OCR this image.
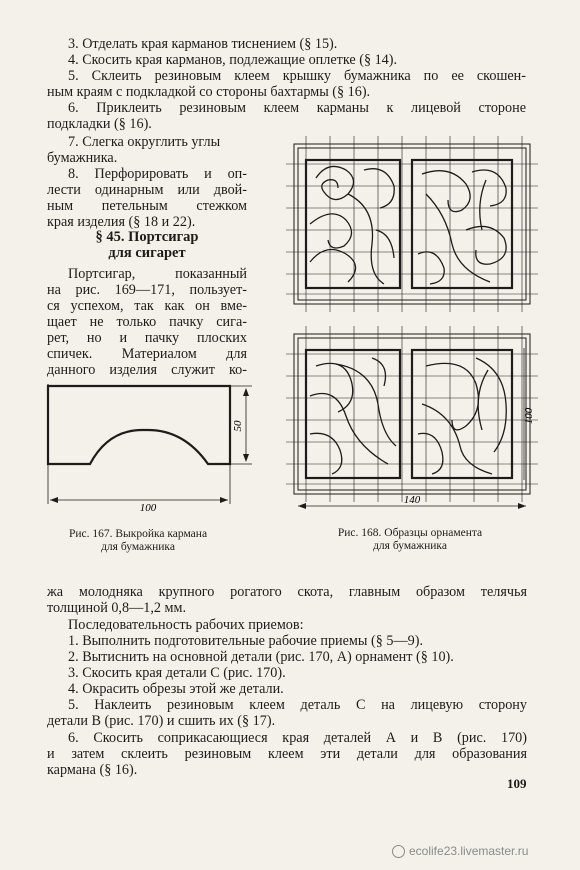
3. Отделать края карманов тиснением (§ 15).
4. Скосить края карманов, подлежащие оплетке (§ 14).
5. Склеить резиновым клеем крышку бумажника по ее скошен-
ным краям с подкладкой со стороны бахтармы (§ 16).
6. Приклеить резиновым клеем карманы к лицевой стороне
подкладки (§ 16).
7. Слегка округлить углы
бумажника.
8. Перфорировать и оп-
лести одинарным или двой-
ным петельным стежком
края изделия (§ 18 и 22).
§ 45. Портсигар
для сигарет
Портсигар, показанный
на рис. 169—171, пользует-
ся успехом, так как он вме-
щает не только пачку сига-
рет, но и пачку плоских
спичек. Материалом для
данного изделия служит ко-
100
50
Рис. 167. Выкройка кармана
для бумажника
100
140
Рис. 168. Образцы орнамента
для бумажника
жа молодняка крупного рогатого скота, главным образом телячья
толщиной 0,8—1,2 мм.
Последовательность рабочих приемов:
1. Выполнить подготовительные рабочие приемы (§ 5—9).
2. Вытиснить на основной детали (рис. 170, А) орнамент (§ 10).
3. Скосить края детали С (рис. 170).
4. Окрасить обрезы этой же детали.
5. Наклеить резиновым клеем деталь С на лицевую сторону
детали В (рис. 170) и сшить их (§ 17).
6. Скосить соприкасающиеся края деталей А и В (рис. 170)
и затем склеить резиновым клеем эти детали для образования
кармана (§ 16).
109
ecolife23.livemaster.ru
